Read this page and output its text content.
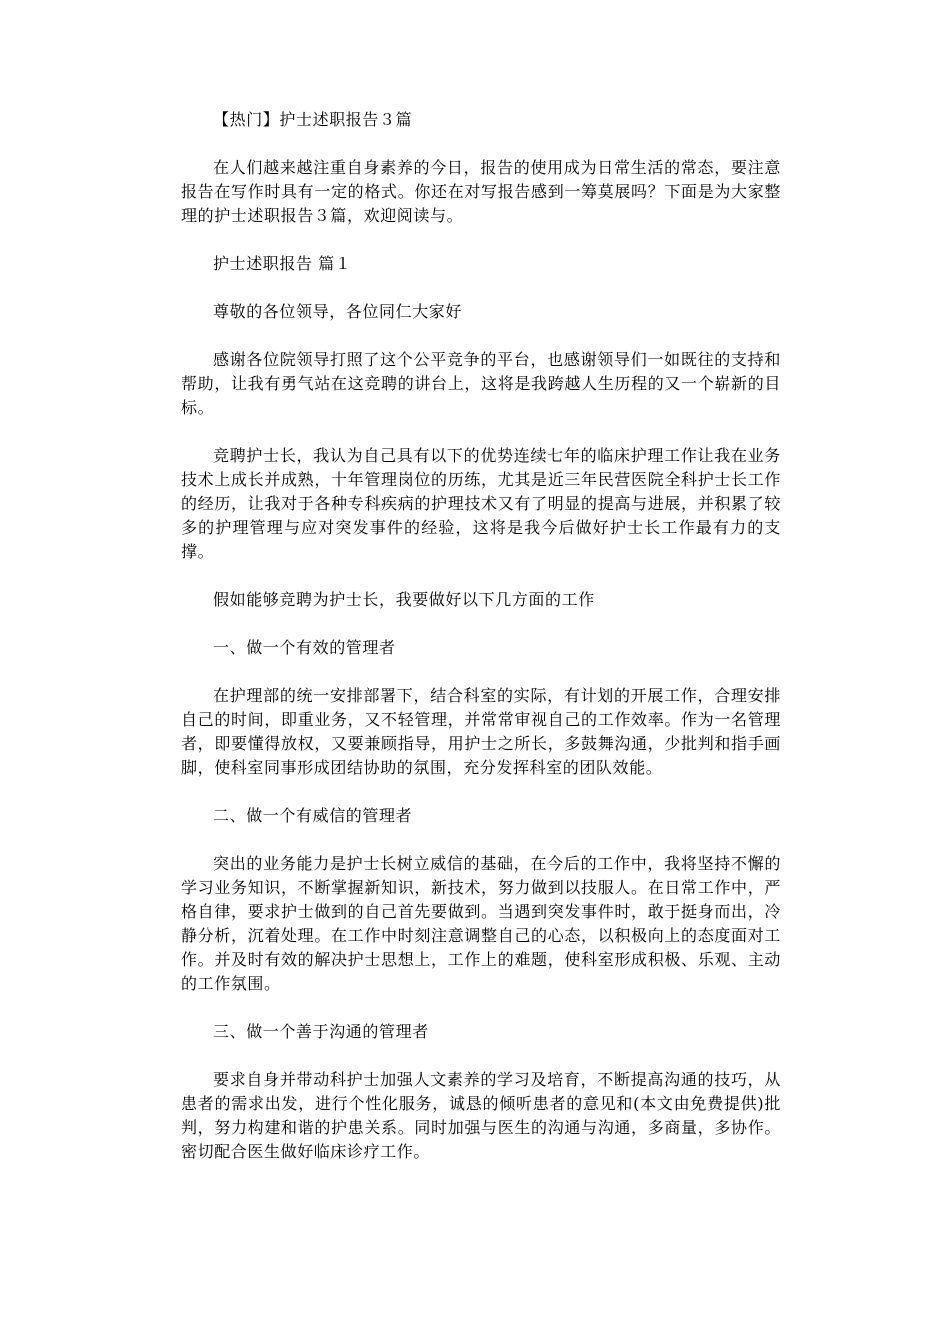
【热门】护士述职报告３篇

在人们越来越注重自身素养的今日，报告的使用成为日常生活的常态，要注意报告在写作时具有一定的格式。你还在对写报告感到一筹莫展吗？下面是为大家整理的护士述职报告３篇，欢迎阅读与。

护士述职报告 篇１

尊敬的各位领导，各位同仁大家好

感谢各位院领导打照了这个公平竞争的平台，也感谢领导们一如既往的支持和帮助，让我有勇气站在这竞聘的讲台上，这将是我跨越人生历程的又一个崭新的目标。

竞聘护士长，我认为自己具有以下的优势连续七年的临床护理工作让我在业务技术上成长并成熟，十年管理岗位的历练，尤其是近三年民营医院全科护士长工作的经历，让我对于各种专科疾病的护理技术又有了明显的提高与进展，并积累了较多的护理管理与应对突发事件的经验，这将是我今后做好护士长工作最有力的支撑。

假如能够竞聘为护士长，我要做好以下几方面的工作

一、做一个有效的管理者

在护理部的统一安排部署下，结合科室的实际，有计划的开展工作，合理安排自己的时间，即重业务，又不轻管理，并常常审视自己的工作效率。作为一名管理者，即要懂得放权，又要兼顾指导，用护士之所长，多鼓舞沟通，少批判和指手画脚，使科室同事形成团结协助的氛围，充分发挥科室的团队效能。

二、做一个有威信的管理者

突出的业务能力是护士长树立威信的基础，在今后的工作中，我将坚持不懈的学习业务知识，不断掌握新知识，新技术，努力做到以技服人。在日常工作中，严格自律，要求护士做到的自己首先要做到。当遇到突发事件时，敢于挺身而出，冷静分析，沉着处理。在工作中时刻注意调整自己的心态，以积极向上的态度面对工作。并及时有效的解决护士思想上，工作上的难题，使科室形成积极、乐观、主动的工作氛围。

三、做一个善于沟通的管理者

要求自身并带动科护士加强人文素养的学习及培育，不断提高沟通的技巧，从患者的需求出发，进行个性化服务，诚恳的倾听患者的意见和(本文由免费提供)批判，努力构建和谐的护患关系。同时加强与医生的沟通与沟通，多商量，多协作。密切配合医生做好临床诊疗工作。
